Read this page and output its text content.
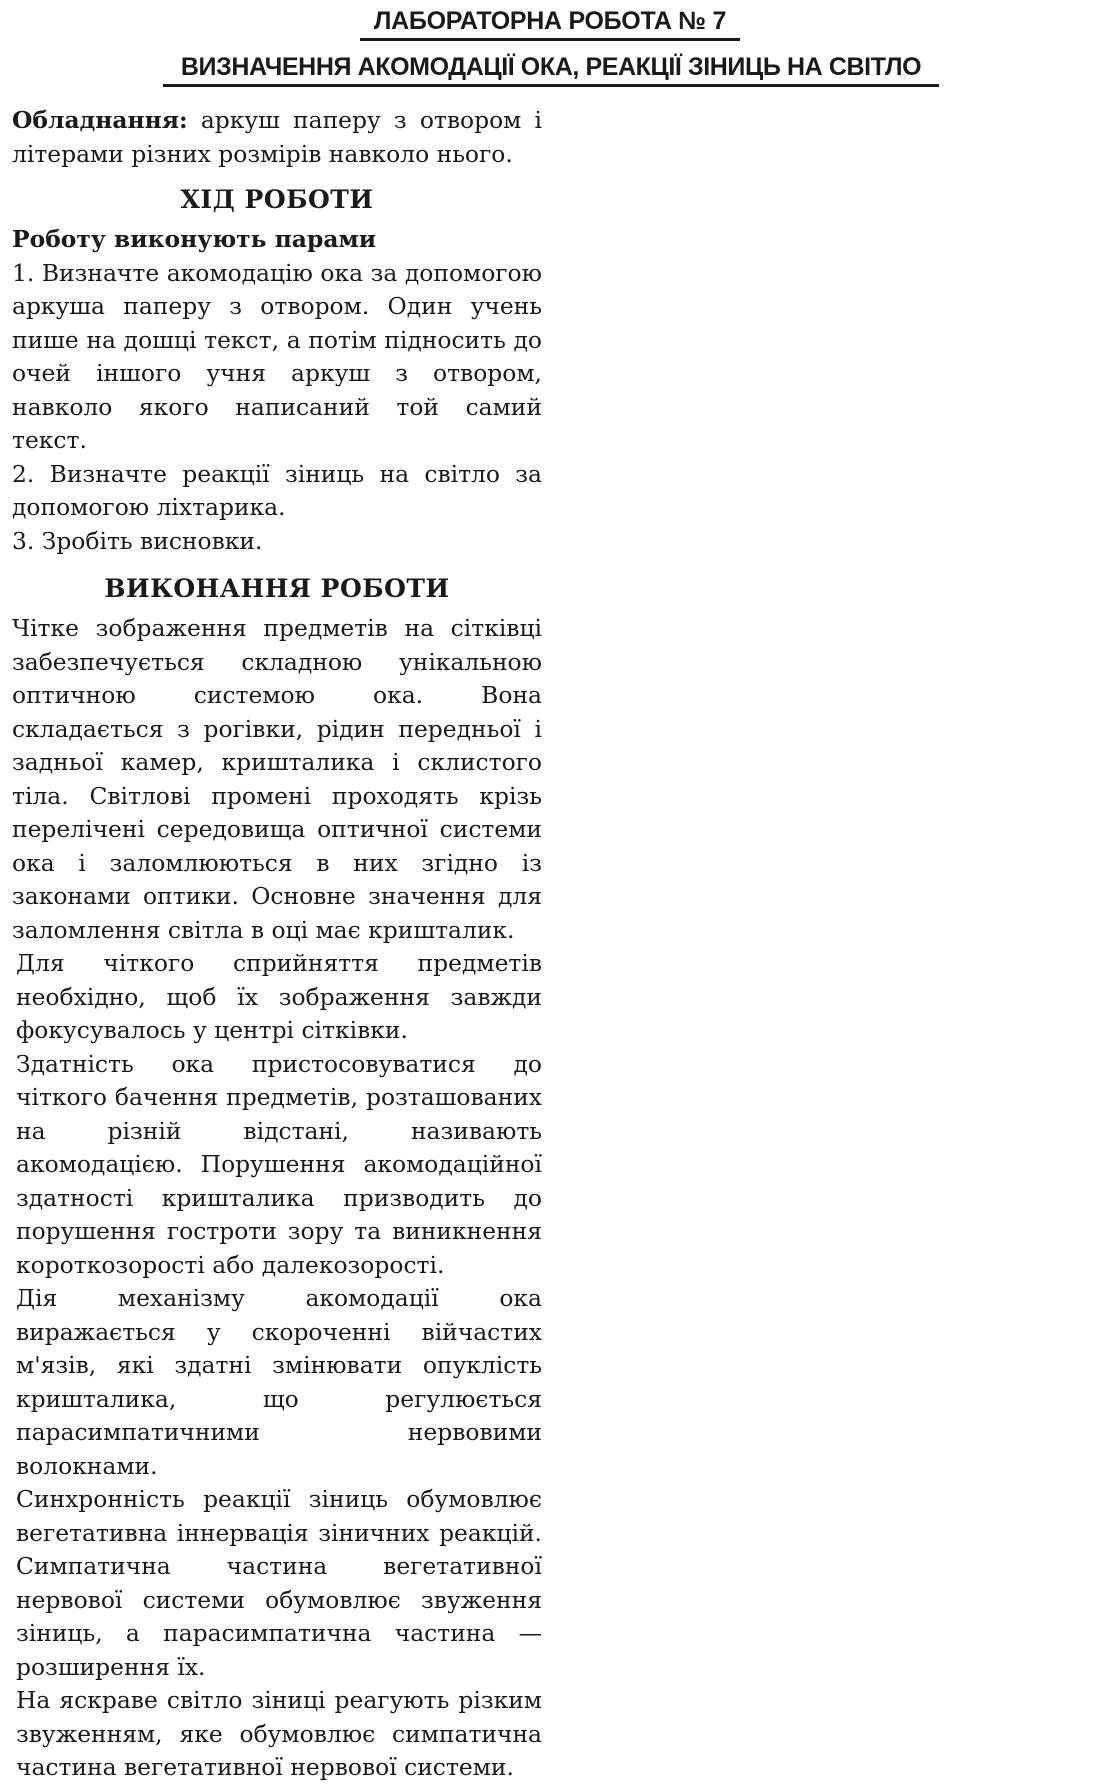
ЛАБОРАТОРНА РОБОТА № 7
ВИЗНАЧЕННЯ АКОМОДАЦІЇ ОКА, РЕАКЦІЇ ЗІНИЦЬ НА СВІТЛО

Обладнання: аркуш паперу з отвором і літерами різних розмірів навколо нього.

ХІД РОБОТИ

Роботу виконують парами

1. Визначте акомодацію ока за допомогою аркуша паперу з отвором. Один учень пише на дошці текст, а потім підносить до очей іншого учня аркуш з отвором, навколо якого написаний той самий текст.

2. Визначте реакції зіниць на світло за допомогою ліхтарика.

3. Зробіть висновки.

ВИКОНАННЯ РОБОТИ

Чітке зображення предметів на сітківці забезпечується складною унікальною оптичною системою ока. Вона складається з рогівки, рідин передньої і задньої камер, кришталика і склистого тіла. Світлові промені проходять крізь перелічені середовища оптичної системи ока і заломлюються в них згідно із законами оптики. Основне значення для заломлення світла в оці має кришталик.

Для чіткого сприйняття предметів необхідно, щоб їх зображення завжди фокусувалось у центрі сітківки.

Здатність ока пристосовуватися до чіткого бачення предметів, розташованих на різній відстані, називають акомодацією. Порушення акомодаційної здатності кришталика призводить до порушення гостроти зору та виникнення короткозорості або далекозорості.

Дія механізму акомодації ока виражається у скороченні війчастих м'язів, які здатні змінювати опуклість кришталика, що регулюється парасимпатичними нервовими волокнами.

Синхронність реакції зіниць обумовлює вегетативна іннервація зіничних реакцій. Симпатична частина вегетативної нервової системи обумовлює звуження зіниць, а парасимпатична частина — розширення їх.

На яскраве світло зіниці реагують різким звуженням, яке обумовлює симпатична частина вегетативної нервової системи.
